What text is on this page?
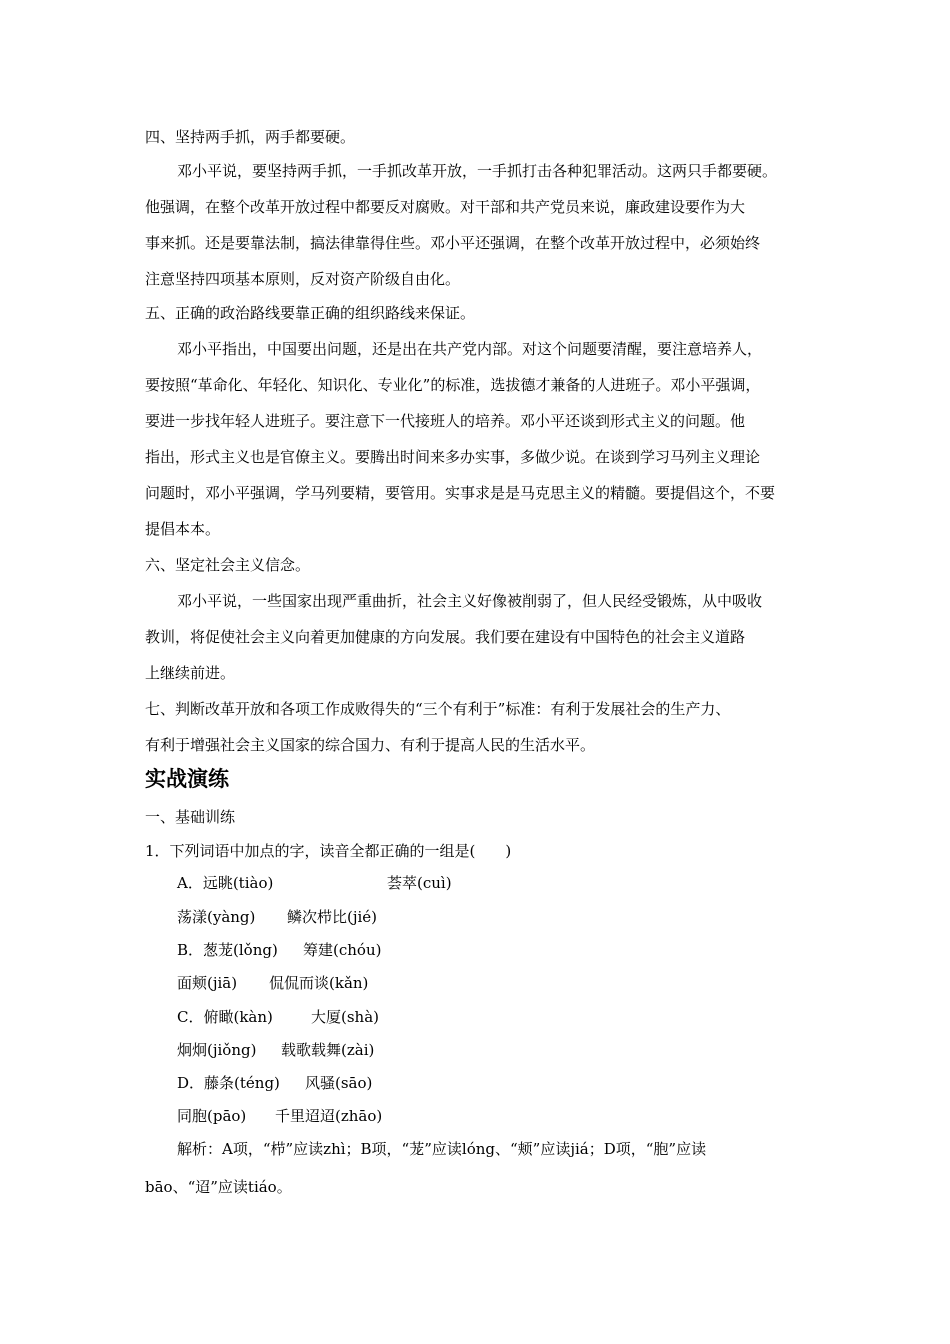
四、坚持两手抓，两手都要硬。
邓小平说，要坚持两手抓，一手抓改革开放，一手抓打击各种犯罪活动。这两只手都要硬。
他强调，在整个改革开放过程中都要反对腐败。对干部和共产党员来说，廉政建设要作为大
事来抓。还是要靠法制，搞法律靠得住些。邓小平还强调，在整个改革开放过程中，必须始终
注意坚持四项基本原则，反对资产阶级自由化。
五、正确的政治路线要靠正确的组织路线来保证。
邓小平指出，中国要出问题，还是出在共产党内部。对这个问题要清醒，要注意培养人，
要按照“革命化、年轻化、知识化、专业化”的标准，选拔德才兼备的人进班子。邓小平强调，
要进一步找年轻人进班子。要注意下一代接班人的培养。邓小平还谈到形式主义的问题。他
指出，形式主义也是官僚主义。要腾出时间来多办实事，多做少说。在谈到学习马列主义理论
问题时，邓小平强调，学马列要精，要管用。实事求是是马克思主义的精髓。要提倡这个，不要
提倡本本。
六、坚定社会主义信念。
邓小平说，一些国家出现严重曲折，社会主义好像被削弱了，但人民经受锻炼，从中吸收
教训，将促使社会主义向着更加健康的方向发展。我们要在建设有中国特色的社会主义道路
上继续前进。
七、判断改革开放和各项工作成败得失的“三个有利于”标准：有利于发展社会的生产力、
有利于增强社会主义国家的综合国力、有利于提高人民的生活水平。
实战演练
一、基础训练
1．下列词语中加点的字，读音全都正确的一组是(　　)
A．远眺(tiào)	荟萃(cuì)
荡漾(yàng) 鳞次栉比(jié)
B．葱茏(lǒng) 筹建(chóu)
面颊(jiā) 侃侃而谈(kǎn)
C．俯瞰(kàn)	大厦(shà)
炯炯(jiǒng) 载歌载舞(zài)
D．藤条(téng) 风骚(sāo)
同胞(pāo) 千里迢迢(zhāo)
解析：A项，“栉”应读zhì；B项，“茏”应读lóng、“颊”应读jiá；D项，“胞”应读
bāo、“迢”应读tiáo。
